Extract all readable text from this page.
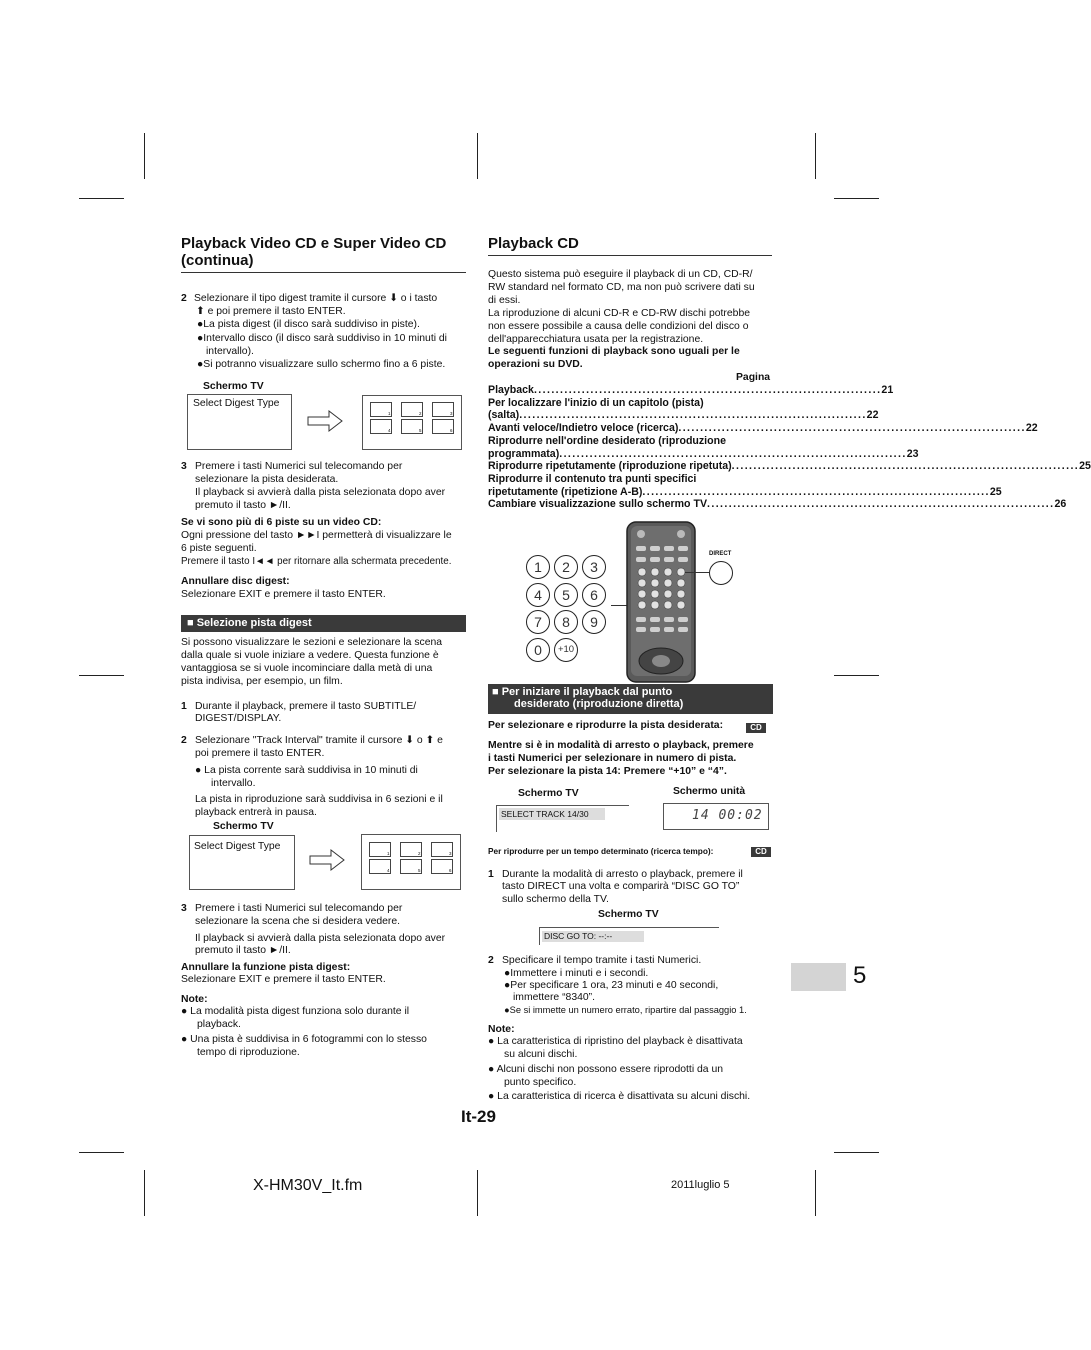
Playback Video CD e Super Video CD
(continua)
2 Selezionare il tipo digest tramite il cursore ⬇ o i tasto
⬆ e poi premere il tasto ENTER.
●La pista digest (il disco sarà suddiviso in piste).
●Intervallo disco (il disco sarà suddiviso in 10 minuti di
intervallo).
●Si potranno visualizzare sullo schermo fino a 6 piste.
Schermo TV
Select Digest Type
1	2	3
4	5	6
3 Premere i tasti Numerici sul telecomando per
selezionare la pista desiderata.
Il playback si avvierà dalla pista selezionata dopo aver
premuto il tasto ►/II.
Se vi sono più di 6 piste su un video CD:
Ogni pressione del tasto ►►I permetterà di visualizzare le
6 piste seguenti.
Premere il tasto I◄◄ per ritornare alla schermata precedente.
Annullare disc digest:
Selezionare EXIT e premere il tasto ENTER.
■ Selezione pista digest
Si possono visualizzare le sezioni e selezionare la scena
dalla quale si vuole iniziare a vedere. Questa funzione è
vantaggiosa se si vuole incominciare dalla metà di una
pista indivisa, per esempio, un film.
1 Durante il playback, premere il tasto SUBTITLE/
DIGEST/DISPLAY.
2 Selezionare "Track Interval" tramite il cursore ⬇ o ⬆ e
poi premere il tasto ENTER.
● La pista corrente sarà suddivisa in 10 minuti di
intervallo.
La pista in riproduzione sarà suddivisa in 6 sezioni e il
playback entrerà in pausa.
Schermo TV
Select Digest Type
1	2	3
4	5	6
3 Premere i tasti Numerici sul telecomando per
selezionare la scena che si desidera vedere.
Il playback si avvierà dalla pista selezionata dopo aver
premuto il tasto ►/II.
Annullare la funzione pista digest:
Selezionare EXIT e premere il tasto ENTER.
Note:
● La modalità pista digest funziona solo durante il
playback.
● Una pista è suddivisa in 6 fotogrammi con lo stesso
tempo di riproduzione.
Playback CD
Questo sistema può eseguire il playback di un CD, CD-R/
RW standard nel formato CD, ma non può scrivere dati su
di essi.
La riproduzione di alcuni CD-R e CD-RW dischi potrebbe
non essere possibile a causa delle condizioni del disco o
dell'apparecchiatura usata per la registrazione.
Le seguenti funzioni di playback sono uguali per le
operazioni su DVD.
Pagina
Playback ................................................................................ 21
Per localizzare l'inizio di un capitolo (pista)
(salta) ................................................................................ 22
Avanti veloce/Indietro veloce (ricerca) ................................................................................ 22
Riprodurre nell'ordine desiderato (riproduzione
programmata) ................................................................................ 23
Riprodurre ripetutamente (riproduzione ripetuta) ................................................................................ 25
Riprodurre il contenuto tra punti specifici
ripetutamente (ripetizione A-B) ................................................................................ 25
Cambiare visualizzazione sullo schermo TV ................................................................................ 26
1	2	3
4	5	6
7	8	9
0	+10
DIRECT
■ Per iniziare il playback dal punto
desiderato (riproduzione diretta)
Per selezionare e riprodurre la pista desiderata:	CD
Mentre si è in modalità di arresto o playback, premere
i tasti Numerici per selezionare in numero di pista.
Per selezionare la pista 14: Premere “+10” e “4”.
Schermo TV	Schermo unità
SELECT TRACK 14/30	14 00:02
Per riprodurre per un tempo determinato (ricerca tempo):	CD
1 Durante la modalità di arresto o playback, premere il
tasto DIRECT una volta e comparirà “DISC GO TO”
sullo schermo della TV.
Schermo TV
DISC GO TO: --:--
2 Specificare il tempo tramite i tasti Numerici.
●Immettere i minuti e i secondi.
●Per specificare 1 ora, 23 minuti e 40 secondi,
immettere “8340”.
●Se si immette un numero errato, ripartire dal passaggio 1.
Note:
● La caratteristica di ripristino del playback è disattivata
su alcuni dischi.
● Alcuni dischi non possono essere riprodotti da un
punto specifico.
● La caratteristica di ricerca è disattivata su alcuni dischi.
It-29
5
X-HM30V_It.fm	2011luglio 5
